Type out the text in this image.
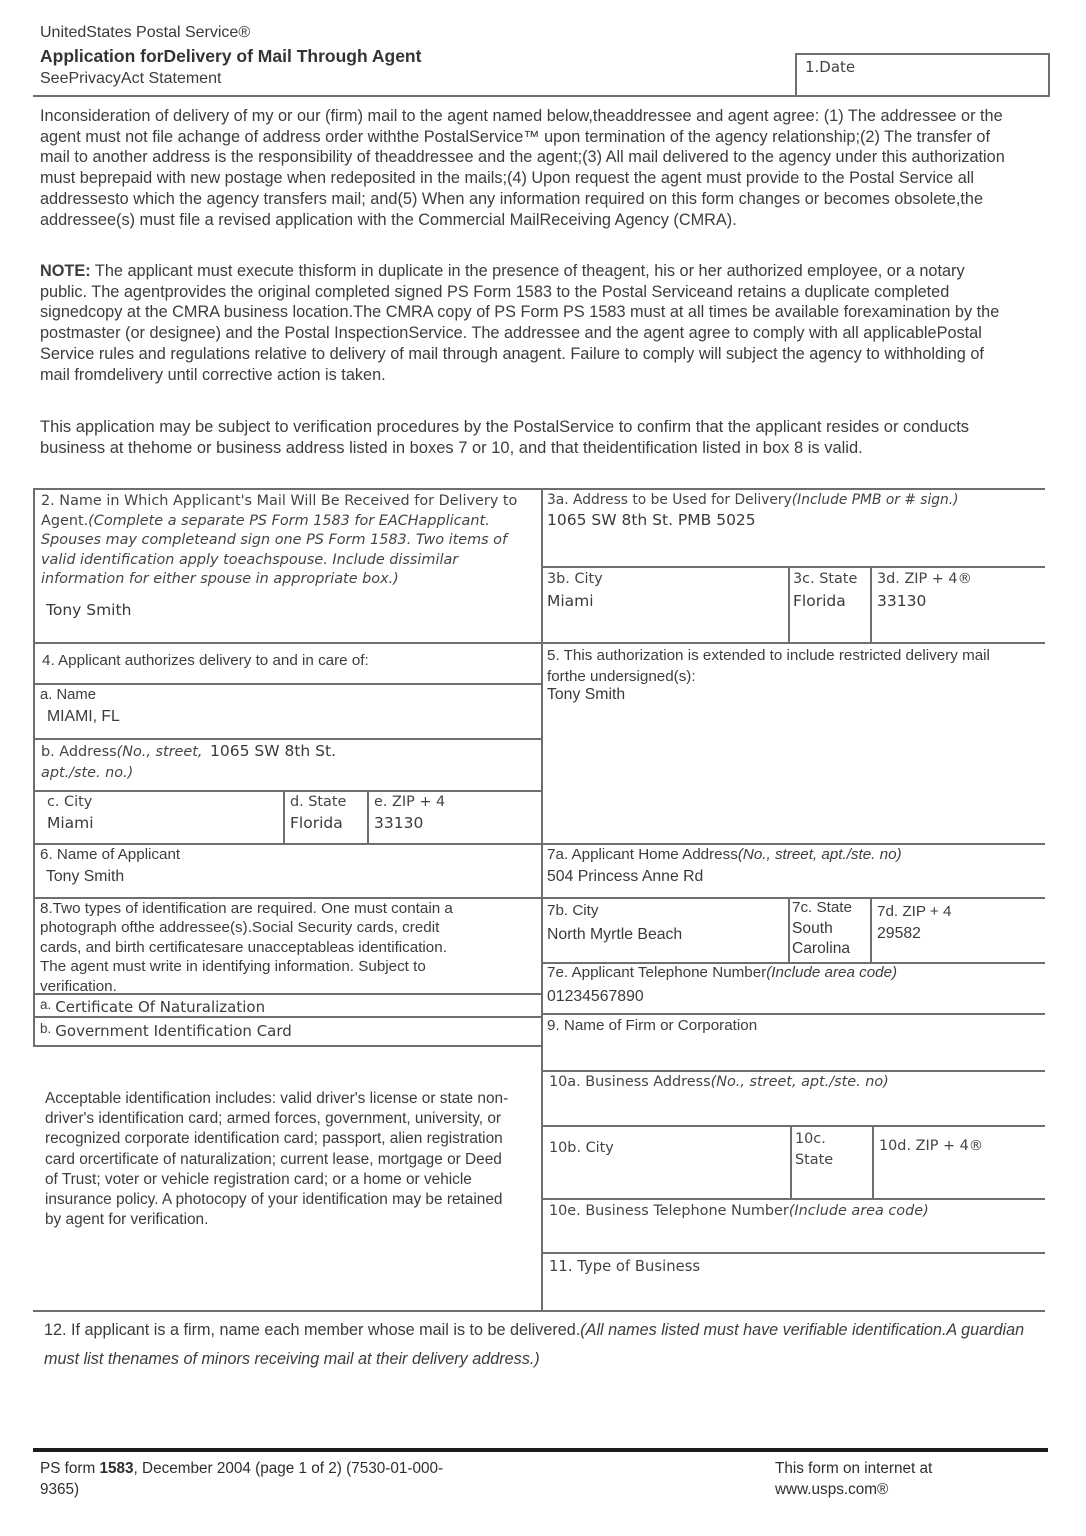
UnitedStates Postal Service®
Application forDelivery of Mail Through Agent
SeePrivacyAct Statement
1.Date
Inconsideration of delivery of my or our (firm) mail to the agent named below,theaddressee and agent agree: (1) The addressee or the agent must not file achange of address order withthe PostalService™ upon termination of the agency relationship;(2) The transfer of mail to another address is the responsibility of theaddressee and the agent;(3) All mail delivered to the agency under this authorization must beprepaid with new postage when redeposited in the mails;(4) Upon request the agent must provide to the Postal Service all addressesto which the agency transfers mail; and(5) When any information required on this form changes or becomes obsolete,the addressee(s) must file a revised application with the Commercial MailReceiving Agency (CMRA).
NOTE: The applicant must execute thisform in duplicate in the presence of theagent, his or her authorized employee, or a notary public. The agentprovides the original completed signed PS Form 1583 to the Postal Serviceand retains a duplicate completed signedcopy at the CMRA business location.The CMRA copy of PS Form PS 1583 must at all times be available forexamination by the postmaster (or designee) and the Postal InspectionService. The addressee and the agent agree to comply with all applicablePostal Service rules and regulations relative to delivery of mail through anagent. Failure to comply will subject the agency to withholding of mail fromdelivery until corrective action is taken.
This application may be subject to verification procedures by the PostalService to confirm that the applicant resides or conducts business at thehome or business address listed in boxes 7 or 10, and that theidentification listed in box 8 is valid.
2. Name in Which Applicant's Mail Will Be Received for Delivery to Agent.(Complete a separate PS Form 1583 for EACHapplicant. Spouses may completeand sign one PS Form 1583. Two items of valid identification apply toeachspouse. Include dissimilar information for either spouse in appropriate box.)
Tony Smith
3a. Address to be Used for Delivery(Include PMB or # sign.)
1065 SW 8th St. PMB 5025
3b. City
Miami
3c. State
Florida
3d. ZIP + 4®
33130
4. Applicant authorizes delivery to and in care of:
a. Name
MIAMI, FL
b. Address(No., street, apt./ste. no.)
1065 SW 8th St.
c. City
Miami
d. State
Florida
e. ZIP + 4
33130
5. This authorization is extended to include restricted delivery mail forthe undersigned(s):
Tony Smith
6. Name of Applicant
Tony Smith
7a. Applicant Home Address(No., street, apt./ste. no)
504 Princess Anne Rd
8.Two types of identification are required. One must contain a photograph ofthe addressee(s).Social Security cards, credit cards, and birth certificatesare unacceptableas identification. The agent must write in identifying information. Subject to verification.
a. Certificate Of Naturalization
b. Government Identification Card
7b. City
North Myrtle Beach
7c. State
South Carolina
7d. ZIP + 4
29582
7e. Applicant Telephone Number(Include area code)
01234567890
9. Name of Firm or Corporation
Acceptable identification includes: valid driver's license or state non-driver's identification card; armed forces, government, university, or recognized corporate identification card; passport, alien registration card orcertificate of naturalization; current lease, mortgage or Deed of Trust; voter or vehicle registration card; or a home or vehicle insurance policy. A photocopy of your identification may be retained by agent for verification.
10a. Business Address(No., street, apt./ste. no)
10b. City
10c. State
10d. ZIP + 4®
10e. Business Telephone Number(Include area code)
11. Type of Business
12. If applicant is a firm, name each member whose mail is to be delivered.(All names listed must have verifiable identification.A guardian must list thenames of minors receiving mail at their delivery address.)
PS form 1583, December 2004 (page 1 of 2) (7530-01-000-9365)
This form on internet at www.usps.com®
